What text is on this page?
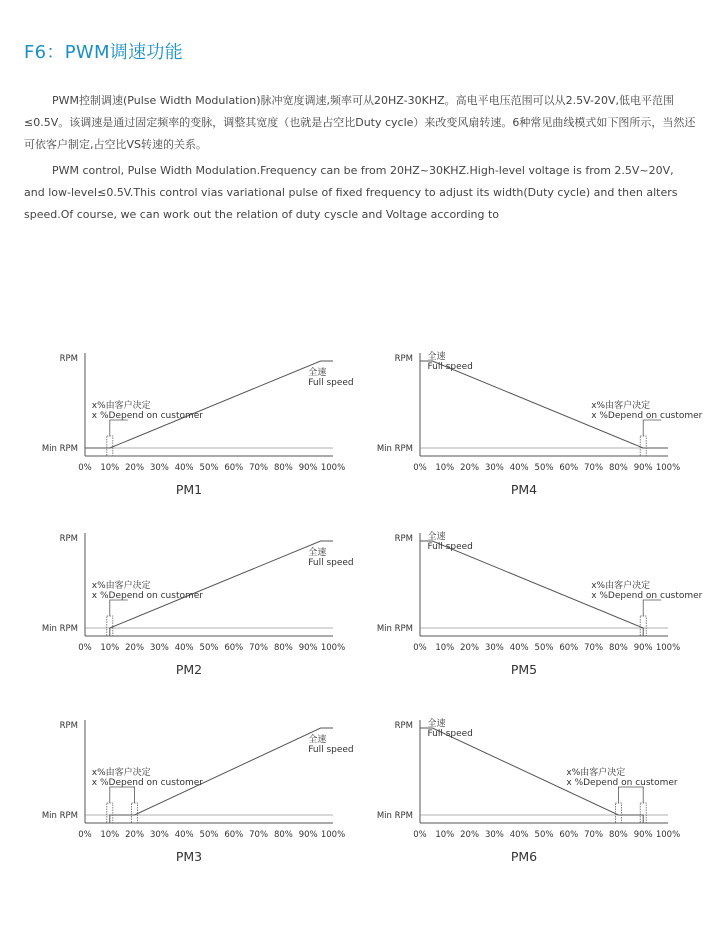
F6：PWM调速功能

PWM控制调速(Pulse Width Modulation)脉冲宽度调速,频率可从20HZ-30KHZ。高电平电压范围可以从2.5V-20V,低电平范围≤0.5V。该调速是通过固定频率的变脉，调整其宽度（也就是占空比Duty cycle）来改变风扇转速。6种常见曲线模式如下图所示，当然还可依客户制定,占空比VS转速的关系。

PWM control, Pulse Width Modulation.Frequency can be from 20HZ~30KHZ.High-level voltage is from 2.5V~20V, and low-level≤0.5V.This control vias variational pulse of fixed frequency to adjust its width(Duty cycle) and then alters speed.Of course, we can work out the relation of duty cyscle and Voltage according to

RPM
Min RPM
0% 10% 20% 30% 40% 50% 60% 70% 80% 90% 100%
x%由客户决定
x %Depend on customer
全速
Full speed
PM1
RPM
Min RPM
0% 10% 20% 30% 40% 50% 60% 70% 80% 90% 100%
x%由客户决定
x %Depend on customer
全速
Full speed
PM4
RPM
Min RPM
0% 10% 20% 30% 40% 50% 60% 70% 80% 90% 100%
x%由客户决定
x %Depend on customer
全速
Full speed
PM2
RPM
Min RPM
0% 10% 20% 30% 40% 50% 60% 70% 80% 90% 100%
x%由客户决定
x %Depend on customer
全速
Full speed
PM5
RPM
Min RPM
0% 10% 20% 30% 40% 50% 60% 70% 80% 90% 100%
x%由客户决定
x %Depend on customer
全速
Full speed
PM3
RPM
Min RPM
0% 10% 20% 30% 40% 50% 60% 70% 80% 90% 100%
x%由客户决定
x %Depend on customer
全速
Full speed
PM6
